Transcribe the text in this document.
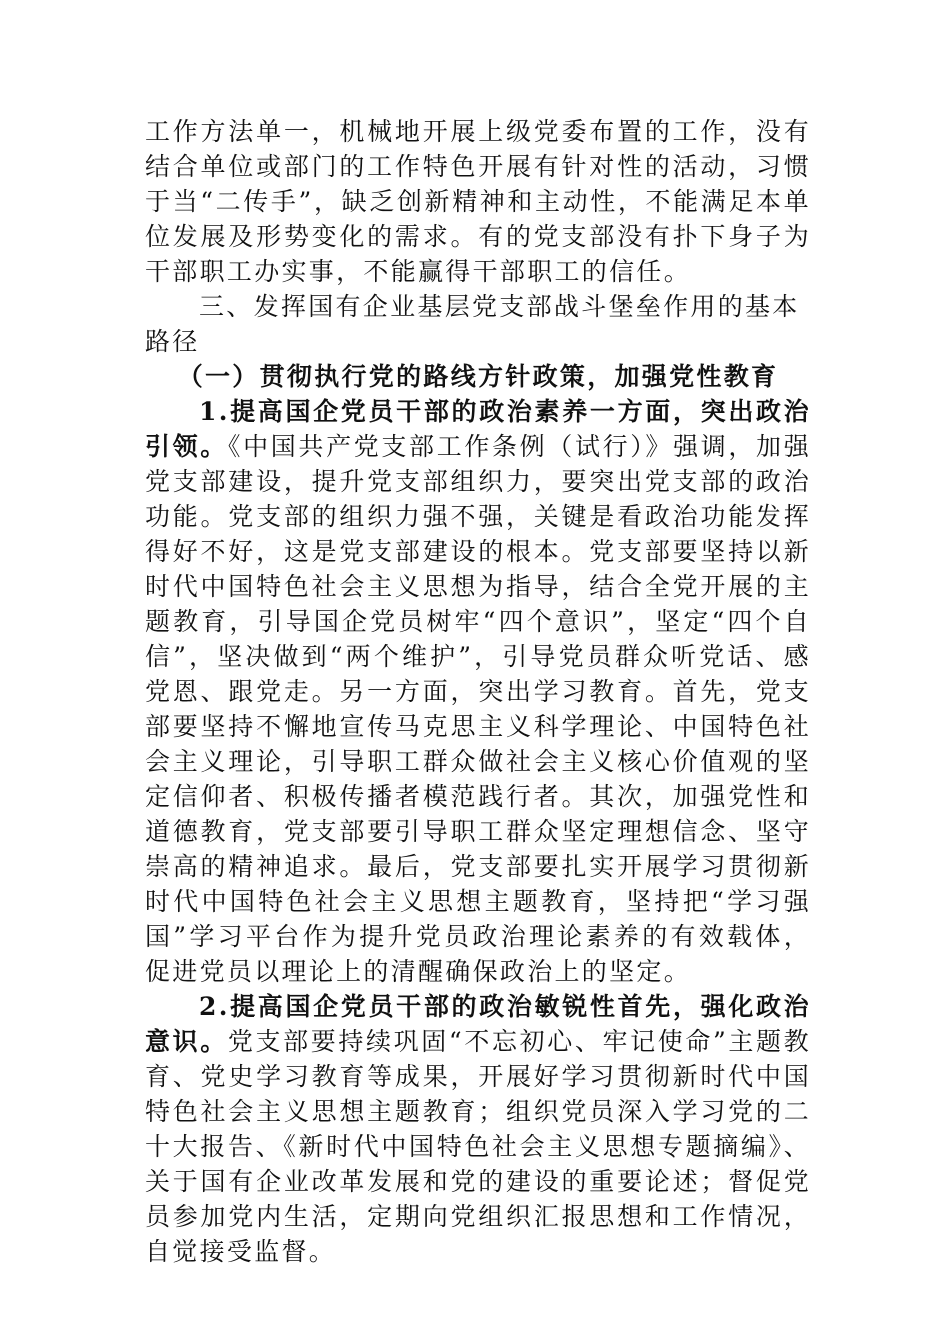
工作方法单一，机械地开展上级党委布置的工作，没有结合单位或部门的工作特色开展有针对性的活动，习惯于当“二传手”，缺乏创新精神和主动性，不能满足本单位发展及形势变化的需求。有的党支部没有扑下身子为干部职工办实事，不能赢得干部职工的信任。

三、发挥国有企业基层党支部战斗堡垒作用的基本路径

（一）贯彻执行党的路线方针政策，加强党性教育

1.提高国企党员干部的政治素养一方面，突出政治引领。《中国共产党支部工作条例（试行）》强调，加强党支部建设，提升党支部组织力，要突出党支部的政治功能。党支部的组织力强不强，关键是看政治功能发挥得好不好，这是党支部建设的根本。党支部要坚持以新时代中国特色社会主义思想为指导，结合全党开展的主题教育，引导国企党员树牢“四个意识”，坚定“四个自信”，坚决做到“两个维护”，引导党员群众听党话、感党恩、跟党走。另一方面，突出学习教育。首先，党支部要坚持不懈地宣传马克思主义科学理论、中国特色社会主义理论，引导职工群众做社会主义核心价值观的坚定信仰者、积极传播者模范践行者。其次，加强党性和道德教育，党支部要引导职工群众坚定理想信念、坚守崇高的精神追求。最后，党支部要扎实开展学习贯彻新时代中国特色社会主义思想主题教育，坚持把“学习强国”学习平台作为提升党员政治理论素养的有效载体，促进党员以理论上的清醒确保政治上的坚定。

2.提高国企党员干部的政治敏锐性首先，强化政治意识。党支部要持续巩固“不忘初心、牢记使命”主题教育、党史学习教育等成果，开展好学习贯彻新时代中国特色社会主义思想主题教育；组织党员深入学习党的二十大报告、《新时代中国特色社会主义思想专题摘编》、关于国有企业改革发展和党的建设的重要论述；督促党员参加党内生活，定期向党组织汇报思想和工作情况，自觉接受监督。
